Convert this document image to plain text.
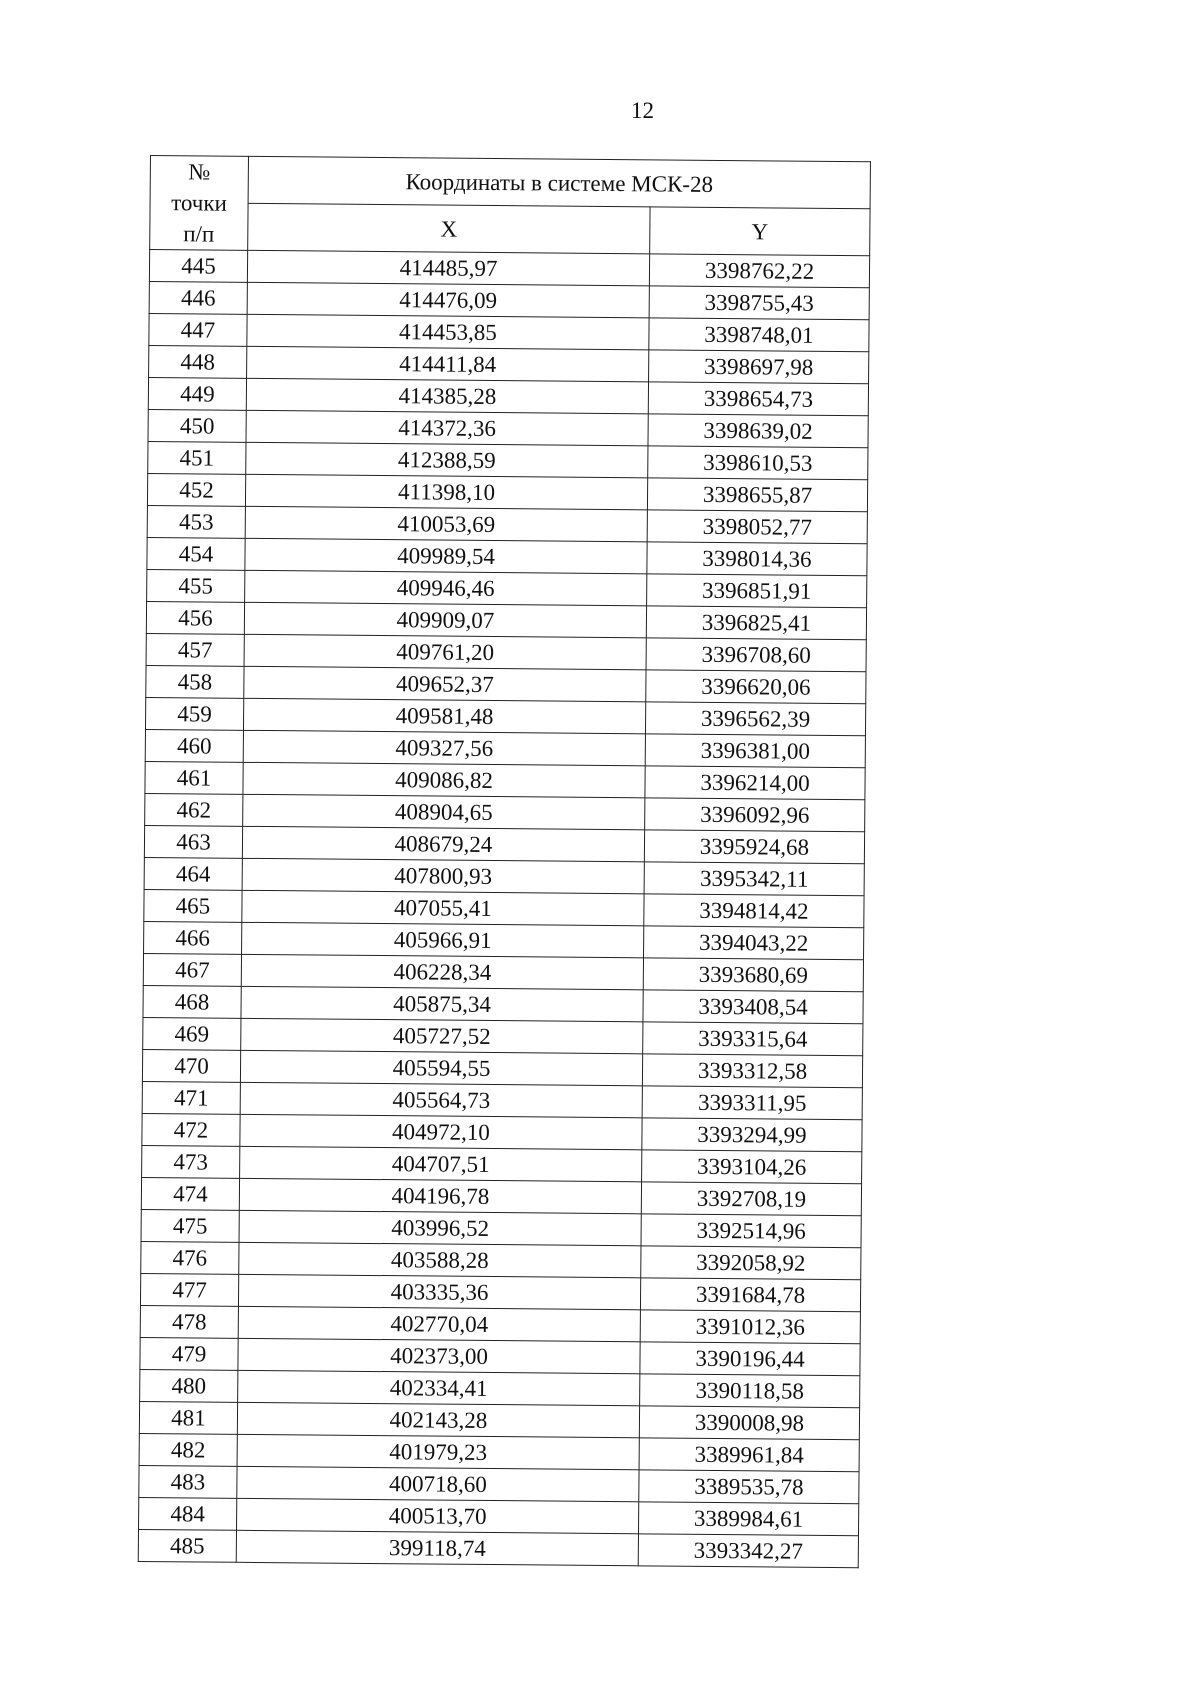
12
№
точки
п/п	Координаты в системе МСК-28	
	X	Y
445	414485,97	3398762,22
446	414476,09	3398755,43
447	414453,85	3398748,01
448	414411,84	3398697,98
449	414385,28	3398654,73
450	414372,36	3398639,02
451	412388,59	3398610,53
452	411398,10	3398655,87
453	410053,69	3398052,77
454	409989,54	3398014,36
455	409946,46	3396851,91
456	409909,07	3396825,41
457	409761,20	3396708,60
458	409652,37	3396620,06
459	409581,48	3396562,39
460	409327,56	3396381,00
461	409086,82	3396214,00
462	408904,65	3396092,96
463	408679,24	3395924,68
464	407800,93	3395342,11
465	407055,41	3394814,42
466	405966,91	3394043,22
467	406228,34	3393680,69
468	405875,34	3393408,54
469	405727,52	3393315,64
470	405594,55	3393312,58
471	405564,73	3393311,95
472	404972,10	3393294,99
473	404707,51	3393104,26
474	404196,78	3392708,19
475	403996,52	3392514,96
476	403588,28	3392058,92
477	403335,36	3391684,78
478	402770,04	3391012,36
479	402373,00	3390196,44
480	402334,41	3390118,58
481	402143,28	3390008,98
482	401979,23	3389961,84
483	400718,60	3389535,78
484	400513,70	3389984,61
485	399118,74	3393342,27
